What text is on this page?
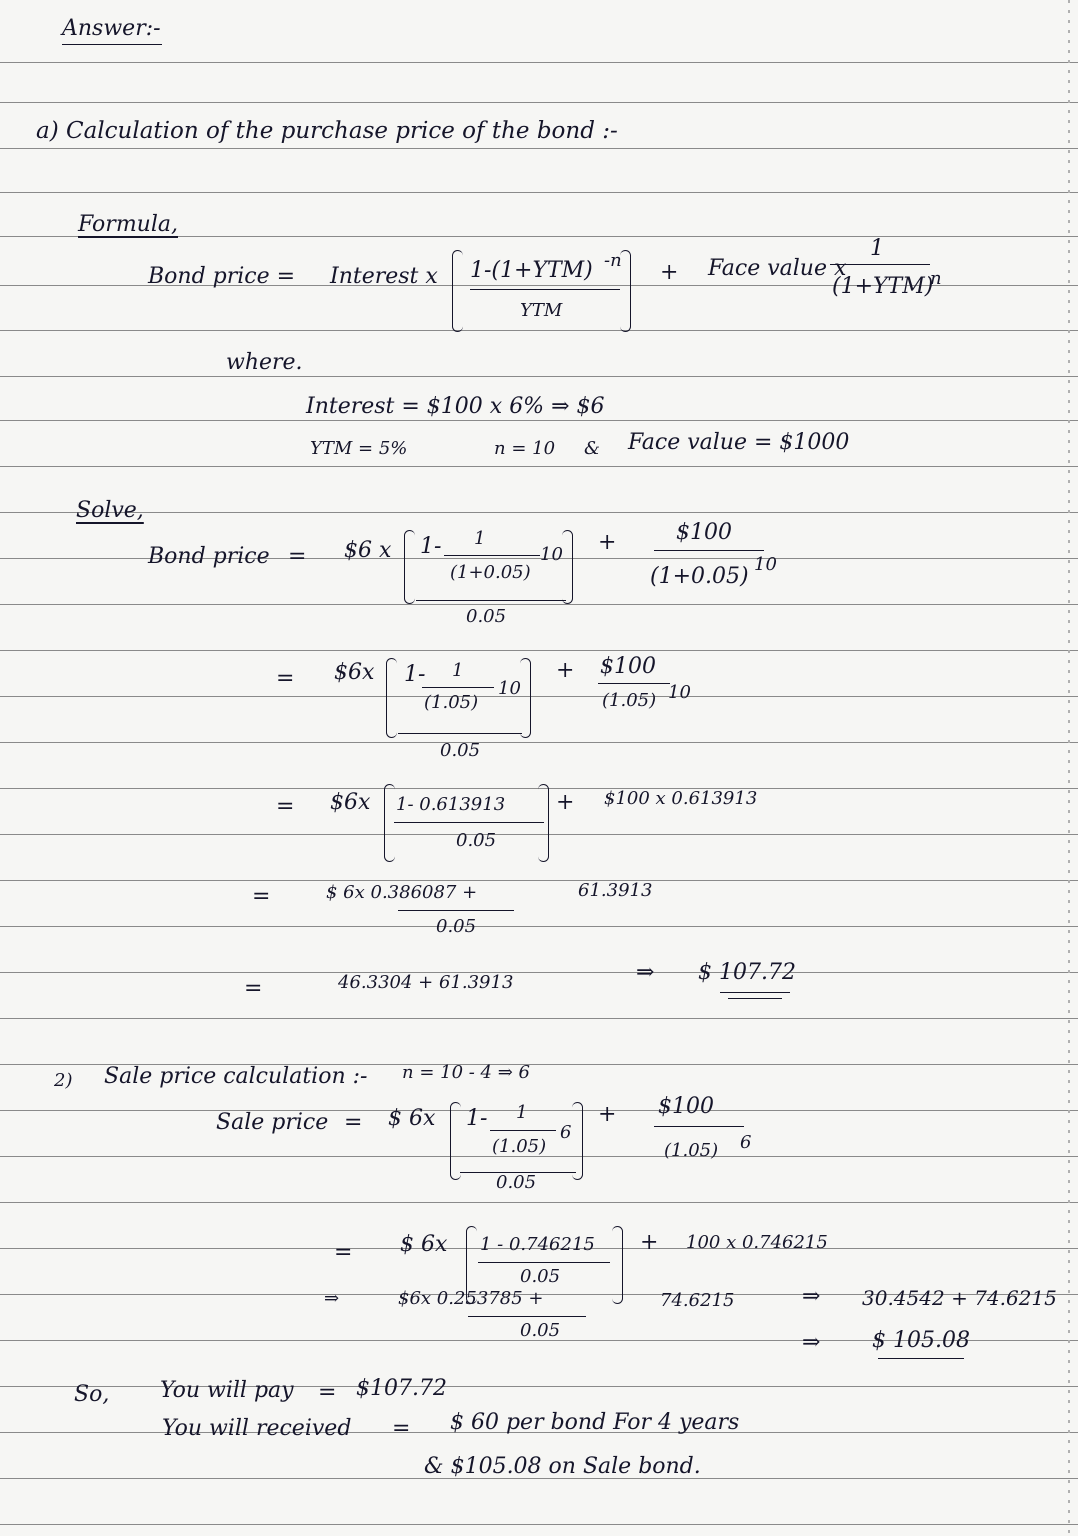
Answer:-
a) Calculation of the purchase price of the bond :-
Formula,
Bond price = Interest x 1-(1+YTM) -n
YTM
+ Face value x
1
(1+YTM)
n
where.
Interest = $100 x 6% ⇒ $6
YTM = 5%	n = 10 & Face value = $1000
Solve,
Bond price = $6 x 1- 1
(1+0.05)
10
0.05
+	$100
(1+0.05) 10
= $6x 1- 1
(1.05)
10
0.05
+ $100
(1.05) 10
= $6x 1- 0.613913
0.05
+ $100 x 0.613913
=	$ 6x 0.386087 +
0.05
61.3913
=	46.3304 + 61.3913	⇒ $ 107.72
2) Sale price calculation :- n = 10 - 4 ⇒ 6
Sale price = $ 6x 1- 1
(1.05)
6
0.05
+ $100
(1.05) 6
= $ 6x 1 - 0.746215
0.05
+ 100 x 0.746215
⇒	$6x 0.253785 +
0.05
74.6215	⇒ 30.4542 + 74.6215
⇒ $ 105.08
So, You will pay = $107.72
You will received = $ 60 per bond For 4 years
& $105.08 on Sale bond.
